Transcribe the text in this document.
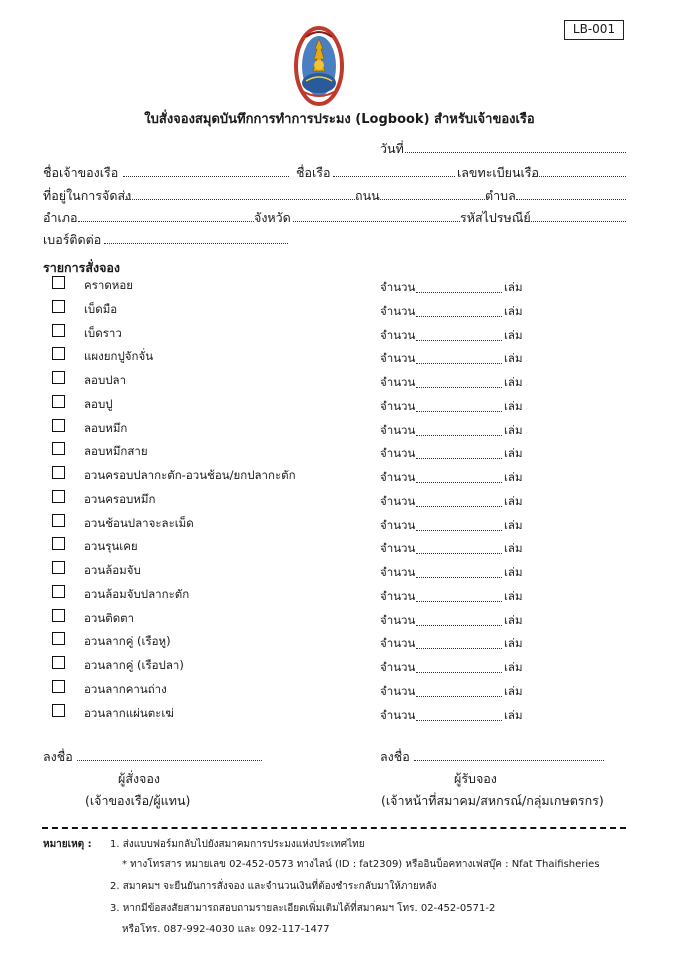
LB-001
ใบสั่งจองสมุดบันทึกการทำการประมง (Logbook) สำหรับเจ้าของเรือ
วันที่
ชื่อเจ้าของเรือ	ชื่อเรือ	เลขทะเบียนเรือ
ที่อยู่ในการจัดส่ง	ถนน	ตำบล
อำเภอ	จังหวัด	รหัสไปรษณีย์
เบอร์ติดต่อ
รายการสั่งจอง
คราดหอย	จำนวน	เล่ม
เบ็ดมือ	จำนวน	เล่ม
เบ็ดราว	จำนวน	เล่ม
แผงยกปูจักจั่น	จำนวน	เล่ม
ลอบปลา	จำนวน	เล่ม
ลอบปู	จำนวน	เล่ม
ลอบหมึก	จำนวน	เล่ม
ลอบหมึกสาย	จำนวน	เล่ม
อวนครอบปลากะตัก-อวนช้อน/ยกปลากะตัก	จำนวน	เล่ม
อวนครอบหมึก	จำนวน	เล่ม
อวนช้อนปลาจะละเม็ด	จำนวน	เล่ม
อวนรุนเคย	จำนวน	เล่ม
อวนล้อมจับ	จำนวน	เล่ม
อวนล้อมจับปลากะตัก	จำนวน	เล่ม
อวนติดตา	จำนวน	เล่ม
อวนลากคู่ (เรือหู)	จำนวน	เล่ม
อวนลากคู่ (เรือปลา)	จำนวน	เล่ม
อวนลากคานถ่าง	จำนวน	เล่ม
อวนลากแผ่นตะเฆ่	จำนวน	เล่ม
ลงชื่อ
ผู้สั่งจอง
(เจ้าของเรือ/ผู้แทน)
ลงชื่อ
ผู้รับจอง
(เจ้าหน้าที่สมาคม/สหกรณ์/กลุ่มเกษตรกร)
หมายเหตุ : 1. ส่งแบบฟอร์มกลับไปยังสมาคมการประมงแห่งประเทศไทย
* ทางโทรสาร หมายเลข 02-452-0573 ทางไลน์ (ID : fat2309) หรืออินบ็อคทางเฟสบุ๊ค : Nfat Thaifisheries
2. สมาคมฯ จะยืนยันการสั่งจอง และจำนวนเงินที่ต้องชำระกลับมาให้ภายหลัง
3. หากมีข้อสงสัยสามารถสอบถามรายละเอียดเพิ่มเติมได้ที่สมาคมฯ โทร. 02-452-0571-2
หรือโทร. 087-992-4030 และ 092-117-1477
